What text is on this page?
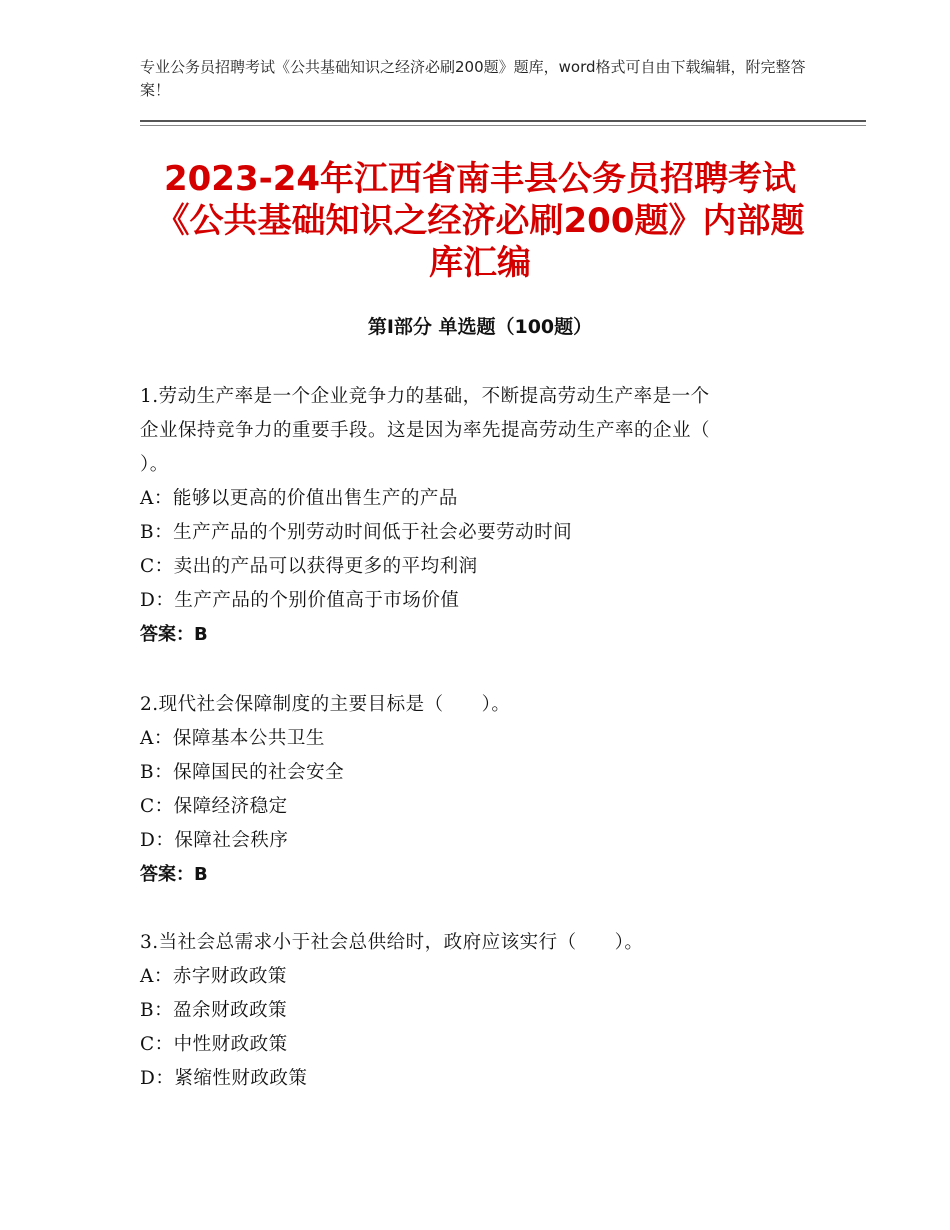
专业公务员招聘考试《公共基础知识之经济必刷200题》题库，word格式可自由下载编辑，附完整答案！
2023-24年江西省南丰县公务员招聘考试
《公共基础知识之经济必刷200题》内部题
库汇编
第Ⅰ部分 单选题（100题）

1.劳动生产率是一个企业竞争力的基础，不断提高劳动生产率是一个

企业保持竞争力的重要手段。这是因为率先提高劳动生产率的企业（

）。

A：能够以更高的价值出售生产的产品

B：生产产品的个别劳动时间低于社会必要劳动时间

C：卖出的产品可以获得更多的平均利润

D：生产产品的个别价值高于市场价值

答案：B

2.现代社会保障制度的主要目标是（　　）。

A：保障基本公共卫生

B：保障国民的社会安全

C：保障经济稳定

D：保障社会秩序

答案：B

3.当社会总需求小于社会总供给时，政府应该实行（　　）。

A：赤字财政政策

B：盈余财政政策

C：中性财政政策

D：紧缩性财政政策
